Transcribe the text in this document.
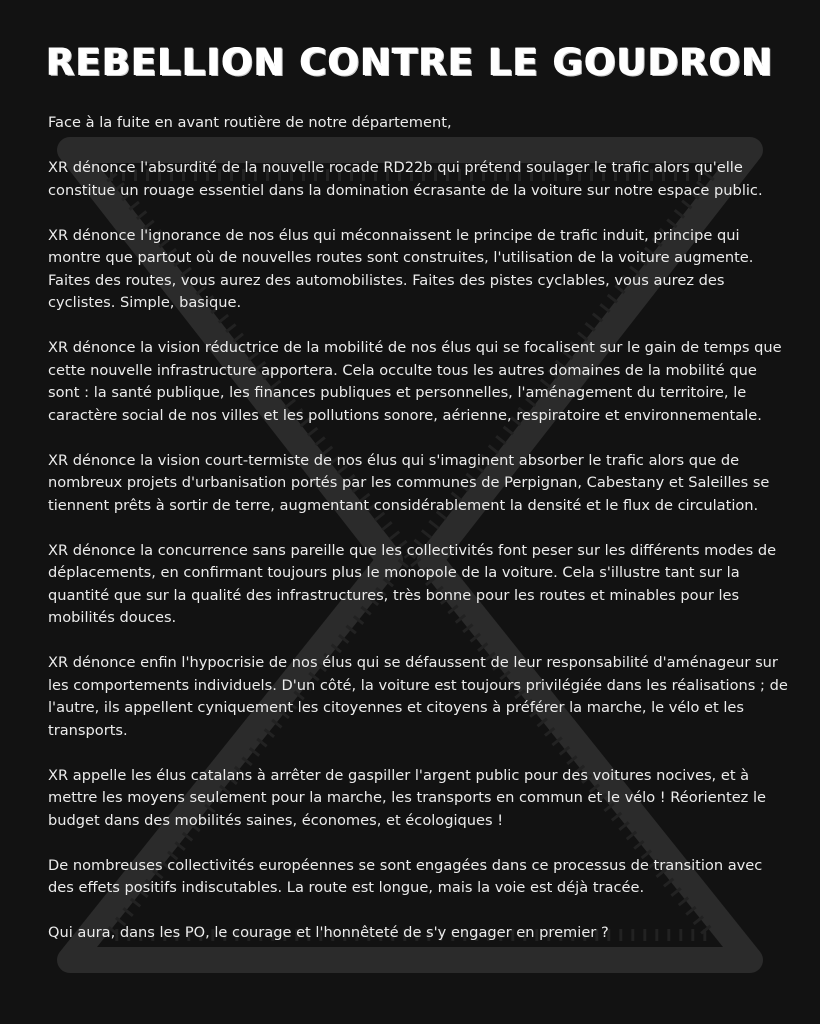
REBELLION CONTRE LE GOUDRON

Face à la fuite en avant routière de notre département,

XR dénonce l'absurdité de la nouvelle rocade RD22b qui prétend soulager le trafic alors qu'elle constitue un rouage essentiel dans la domination écrasante de la voiture sur notre espace public.

XR dénonce l'ignorance de nos élus qui méconnaissent le principe de trafic induit, principe qui montre que partout où de nouvelles routes sont construites, l'utilisation de la voiture augmente. Faites des routes, vous aurez des automobilistes. Faites des pistes cyclables, vous aurez des cyclistes. Simple, basique.

XR dénonce la vision réductrice de la mobilité de nos élus qui se focalisent sur le gain de temps que cette nouvelle infrastructure apportera. Cela occulte tous les autres domaines de la mobilité que sont : la santé publique, les finances publiques et personnelles, l'aménagement du territoire, le caractère social de nos villes et les pollutions sonore, aérienne, respiratoire et environnementale.

XR dénonce la vision court-termiste de nos élus qui s'imaginent absorber le trafic alors que de nombreux projets d'urbanisation portés par les communes de Perpignan, Cabestany et Saleilles se tiennent prêts à sortir de terre, augmentant considérablement la densité et le flux de circulation.

XR dénonce la concurrence sans pareille que les collectivités font peser sur les différents modes de déplacements, en confirmant toujours plus le monopole de la voiture. Cela s'illustre tant sur la quantité que sur la qualité des infrastructures, très bonne pour les routes et minables pour les mobilités douces.

XR dénonce enfin l'hypocrisie de nos élus qui se défaussent de leur responsabilité d'aménageur sur les comportements individuels. D'un côté, la voiture est toujours privilégiée dans les réalisations ; de l'autre, ils appellent cyniquement les citoyennes et citoyens à préférer la marche, le vélo et les transports.

XR appelle les élus catalans à arrêter de gaspiller l'argent public pour des voitures nocives, et à mettre les moyens seulement pour la marche, les transports en commun et le vélo ! Réorientez le budget dans des mobilités saines, économes, et écologiques !

De nombreuses collectivités européennes se sont engagées dans ce processus de transition avec des effets positifs indiscutables. La route est longue, mais la voie est déjà tracée.

Qui aura, dans les PO, le courage et l'honnêteté de s'y engager en premier ?
